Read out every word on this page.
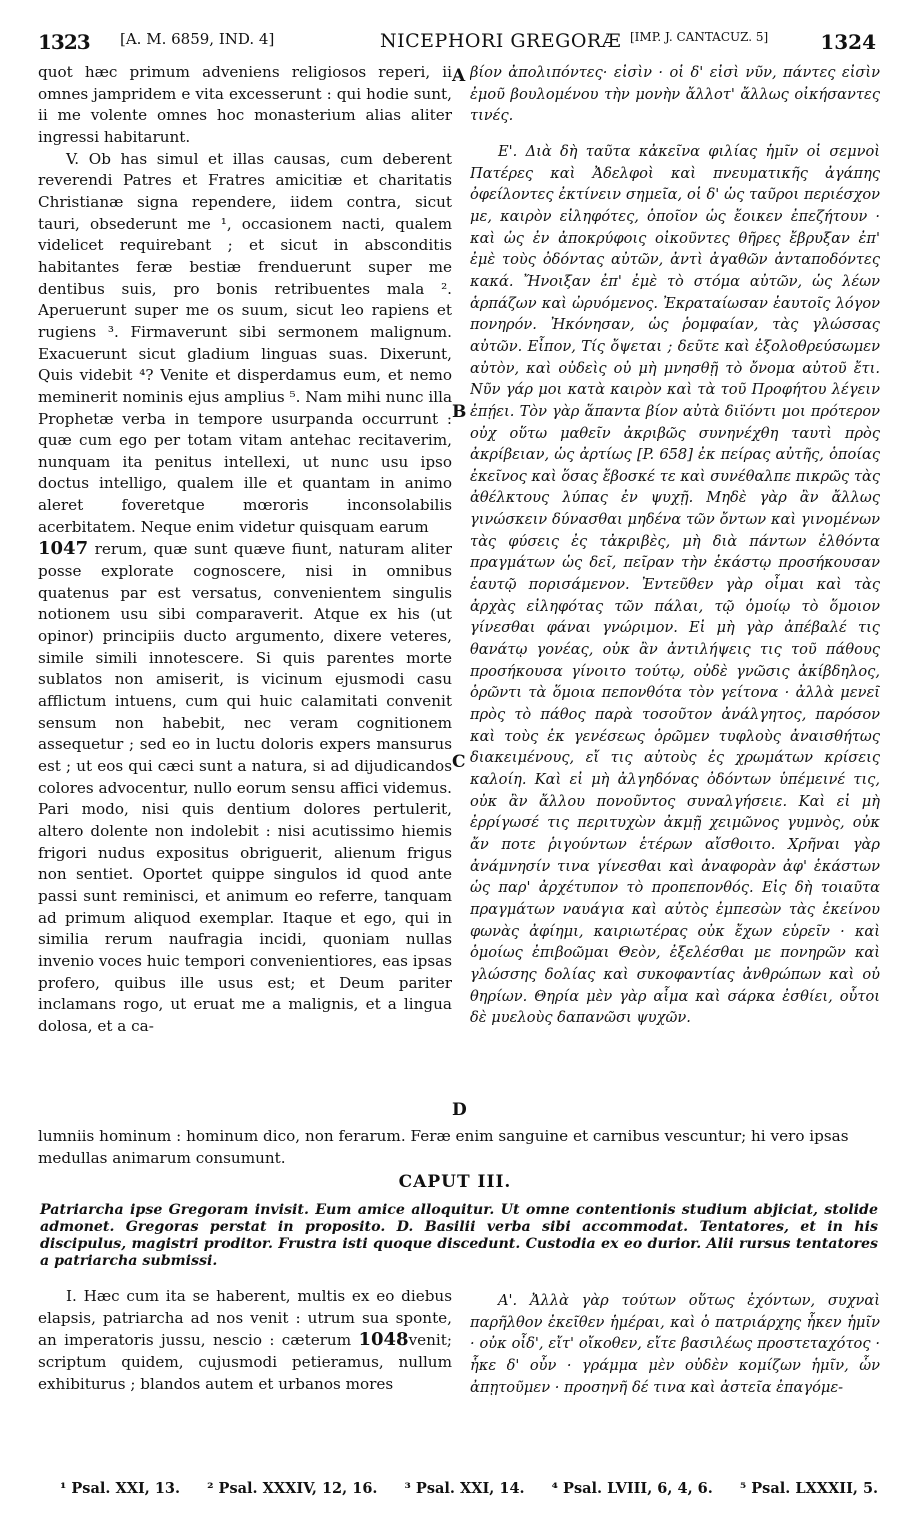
1323 [A. M. 6859, IND. 4]	NICEPHORI GREGORÆ [IMP. J. CANTACUZ. 5]	1324

quot hæc primum adveniens religiosos reperi, ii omnes jampridem e vita excesserunt : qui hodie sunt, ii me volente omnes hoc monasterium alias aliter ingressi habitarunt.

V. Ob has simul et illas causas, cum deberent reverendi Patres et Fratres amicitiæ et charitatis Christianæ signa rependere, iidem contra, sicut tauri, obsederunt me ¹, occasionem nacti, qualem videlicet requirebant ; et sicut in absconditis habitantes feræ bestiæ frenduerunt super me dentibus suis, pro bonis retribuentes mala ². Aperuerunt super me os suum, sicut leo rapiens et rugiens ³. Firmaverunt sibi sermonem malignum. Exacuerunt sicut gladium linguas suas. Dixerunt, Quis videbit ⁴? Venite et disperdamus eum, et nemo meminerit nominis ejus amplius ⁵. Nam mihi nunc illa Prophetæ verba in tempore usurpanda occurrunt : quæ cum ego per totam vitam antehac recitaverim, nunquam ita penitus intellexi, ut nunc usu ipso doctus intelligo, qualem ille et quantam in animo aleret foveretque mœroris inconsolabilis acerbitatem. Neque enim videtur quisquam earum

1047 rerum, quæ sunt quæve fiunt, naturam aliter posse explorate cognoscere, nisi in omnibus quatenus par est versatus, convenientem singulis notionem usu sibi comparaverit. Atque ex his (ut opinor) principiis ducto argumento, dixere veteres, simile simili innotescere. Si quis parentes morte sublatos non amiserit, is vicinum ejusmodi casu afflictum intuens, cum qui huic calamitati convenit sensum non habebit, nec veram cognitionem assequetur ; sed eo in luctu doloris expers mansurus est ; ut eos qui cæci sunt a natura, si ad dijudicandos colores advocentur, nullo eorum sensu affici videmus. Pari modo, nisi quis dentium dolores pertulerit, altero dolente non indolebit : nisi acutissimo hiemis frigori nudus expositus obriguerit, alienum frigus non sentiet. Oportet quippe singulos id quod ante passi sunt reminisci, et animum eo referre, tanquam ad primum aliquod exemplar. Itaque et ego, qui in similia rerum naufragia incidi, quoniam nullas invenio voces huic tempori convenientiores, eas ipsas profero, quibus ille usus est; et Deum pariter inclamans rogo, ut eruat me a malignis, et a lingua dolosa, et a ca-

A
B
C
D

βίον ἀπολιπόντες· εἰσὶν · οἱ δ' εἰσὶ νῦν, πάντες εἰσὶν ἐμοῦ βουλομένου τὴν μονὴν ἄλλοτ' ἄλλως οἰκήσαντες τινές.

Ε'. Διὰ δὴ ταῦτα κἀκεῖνα φιλίας ἡμῖν οἱ σεμνοὶ Πατέρες καὶ Ἀδελφοὶ καὶ πνευματικῆς ἀγάπης ὀφείλοντες ἐκτίνειν σημεῖα, οἱ δ' ὡς ταῦροι περιέσχον με, καιρὸν εἰληφότες, ὁποῖον ὡς ἔοικεν ἐπεζήτουν · καὶ ὡς ἐν ἀποκρύφοις οἰκοῦντες θῆρες ἔβρυξαν ἐπ' ἐμὲ τοὺς ὀδόντας αὐτῶν, ἀντὶ ἀγαθῶν ἀνταποδόντες κακά. Ἤνοιξαν ἐπ' ἐμὲ τὸ στόμα αὐτῶν, ὡς λέων ἁρπάζων καὶ ὠρυόμενος. Ἐκραταίωσαν ἑαυτοῖς λόγον πονηρόν. Ἠκόνησαν, ὡς ῥομφαίαν, τὰς γλώσσας αὐτῶν. Εἶπον, Τίς ὄψεται ; δεῦτε καὶ ἐξολοθρεύσωμεν αὐτὸν, καὶ οὐδεὶς οὐ μὴ μνησθῇ τὸ ὄνομα αὐτοῦ ἔτι. Νῦν γάρ μοι κατὰ καιρὸν καὶ τὰ τοῦ Προφήτου λέγειν ἐπῄει. Τὸν γὰρ ἅπαντα βίον αὐτὰ διϊόντι μοι πρότερον οὐχ οὕτω μαθεῖν ἀκριβῶς συνηνέχθη ταυτὶ πρὸς ἀκρίβειαν, ὡς ἀρτίως [P. 658] ἐκ πείρας αὐτῆς, ὁποίας ἐκεῖνος καὶ ὅσας ἔβοσκέ τε καὶ συνέθαλπε πικρῶς τὰς ἀθέλκτους λύπας ἐν ψυχῇ. Μηδὲ γὰρ ἂν ἄλλως γινώσκειν δύνασθαι μηδένα τῶν ὄντων καὶ γινομένων τὰς φύσεις ἐς τἀκριβὲς, μὴ διὰ πάντων ἐλθόντα πραγμάτων ὡς δεῖ, πεῖραν τὴν ἑκάστῳ προσήκουσαν ἑαυτῷ πορισάμενον. Ἐντεῦθεν γὰρ οἶμαι καὶ τὰς ἀρχὰς εἰληφότας τῶν πάλαι, τῷ ὁμοίῳ τὸ ὅμοιον γίνεσθαι φάναι γνώριμον. Εἰ μὴ γὰρ ἀπέβαλέ τις θανάτῳ γονέας, οὐκ ἂν ἀντιλήψεις τις τοῦ πάθους προσήκουσα γίνοιτο τούτῳ, οὐδὲ γνῶσις ἀκίβδηλος, ὁρῶντι τὰ ὅμοια πεπονθότα τὸν γείτονα · ἀλλὰ μενεῖ πρὸς τὸ πάθος παρὰ τοσοῦτον ἀνάλγητος, παρόσον καὶ τοὺς ἐκ γενέσεως ὁρῶμεν τυφλοὺς ἀναισθήτως διακειμένους, εἴ τις αὐτοὺς ἐς χρωμάτων κρίσεις καλοίη. Καὶ εἰ μὴ ἀλγηδόνας ὀδόντων ὑπέμεινέ τις, οὐκ ἂν ἄλλου πονοῦντος συναλγήσειε. Καὶ εἰ μὴ ἐρρίγωσέ τις περιτυχὼν ἀκμῇ χειμῶνος γυμνὸς, οὐκ ἄν ποτε ῥιγούντων ἑτέρων αἴσθοιτο. Χρῆναι γὰρ ἀνάμνησίν τινα γίνεσθαι καὶ ἀναφορὰν ἀφ' ἑκάστων ὡς παρ' ἀρχέτυπον τὸ προπεπονθός. Εἰς δὴ τοιαῦτα πραγμάτων ναυάγια καὶ αὐτὸς ἐμπεσὼν τὰς ἐκείνου φωνὰς ἀφίημι, καιριωτέρας οὐκ ἔχων εὑρεῖν · καὶ ὁμοίως ἐπιβοῶμαι Θεὸν, ἐξελέσθαι με πονηρῶν καὶ γλώσσης δολίας καὶ συκοφαντίας ἀνθρώπων καὶ οὐ θηρίων. Θηρία μὲν γὰρ αἷμα καὶ σάρκα ἐσθίει, οὗτοι δὲ μυελοὺς δαπανῶσι ψυχῶν.

lumniis hominum : hominum dico, non ferarum. Feræ enim sanguine et carnibus vescuntur; hi vero ipsas medullas animarum consumunt.
CAPUT III.
Patriarcha ipse Gregoram invisit. Eum amice alloquitur. Ut omne contentionis studium abjiciat, stolide admonet. Gregoras perstat in proposito. D. Basilii verba sibi accommodat. Tentatores, et in his discipulus, magistri proditor. Frustra isti quoque discedunt. Custodia ex eo durior. Alii rursus tentatores a patriarcha submissi.

I. Hæc cum ita se haberent, multis ex eo diebus elapsis, patriarcha ad nos venit : utrum sua sponte, an imperatoris jussu, nescio : cæterum 1048venit; scriptum quidem, cujusmodi petieramus, nullum exhibiturus ; blandos autem et urbanos mores

Α'. Ἀλλὰ γὰρ τούτων οὕτως ἐχόντων, συχναὶ παρῆλθον ἐκεῖθεν ἡμέραι, καὶ ὁ πατριάρχης ἧκεν ἡμῖν · οὐκ οἶδ', εἴτ' οἴκοθεν, εἴτε βασιλέως προστεταχότος · ἧκε δ' οὖν · γράμμα μὲν οὐδὲν κομίζων ἡμῖν, ὧν ἀπῃτοῦμεν · προσηνῆ δέ τινα καὶ ἀστεῖα ἐπαγόμε-

¹ Psal. XXI, 13. ² Psal. XXXIV, 12, 16. ³ Psal. XXI, 14. ⁴ Psal. LVIII, 6, 4, 6. ⁵ Psal. LXXXII, 5.
